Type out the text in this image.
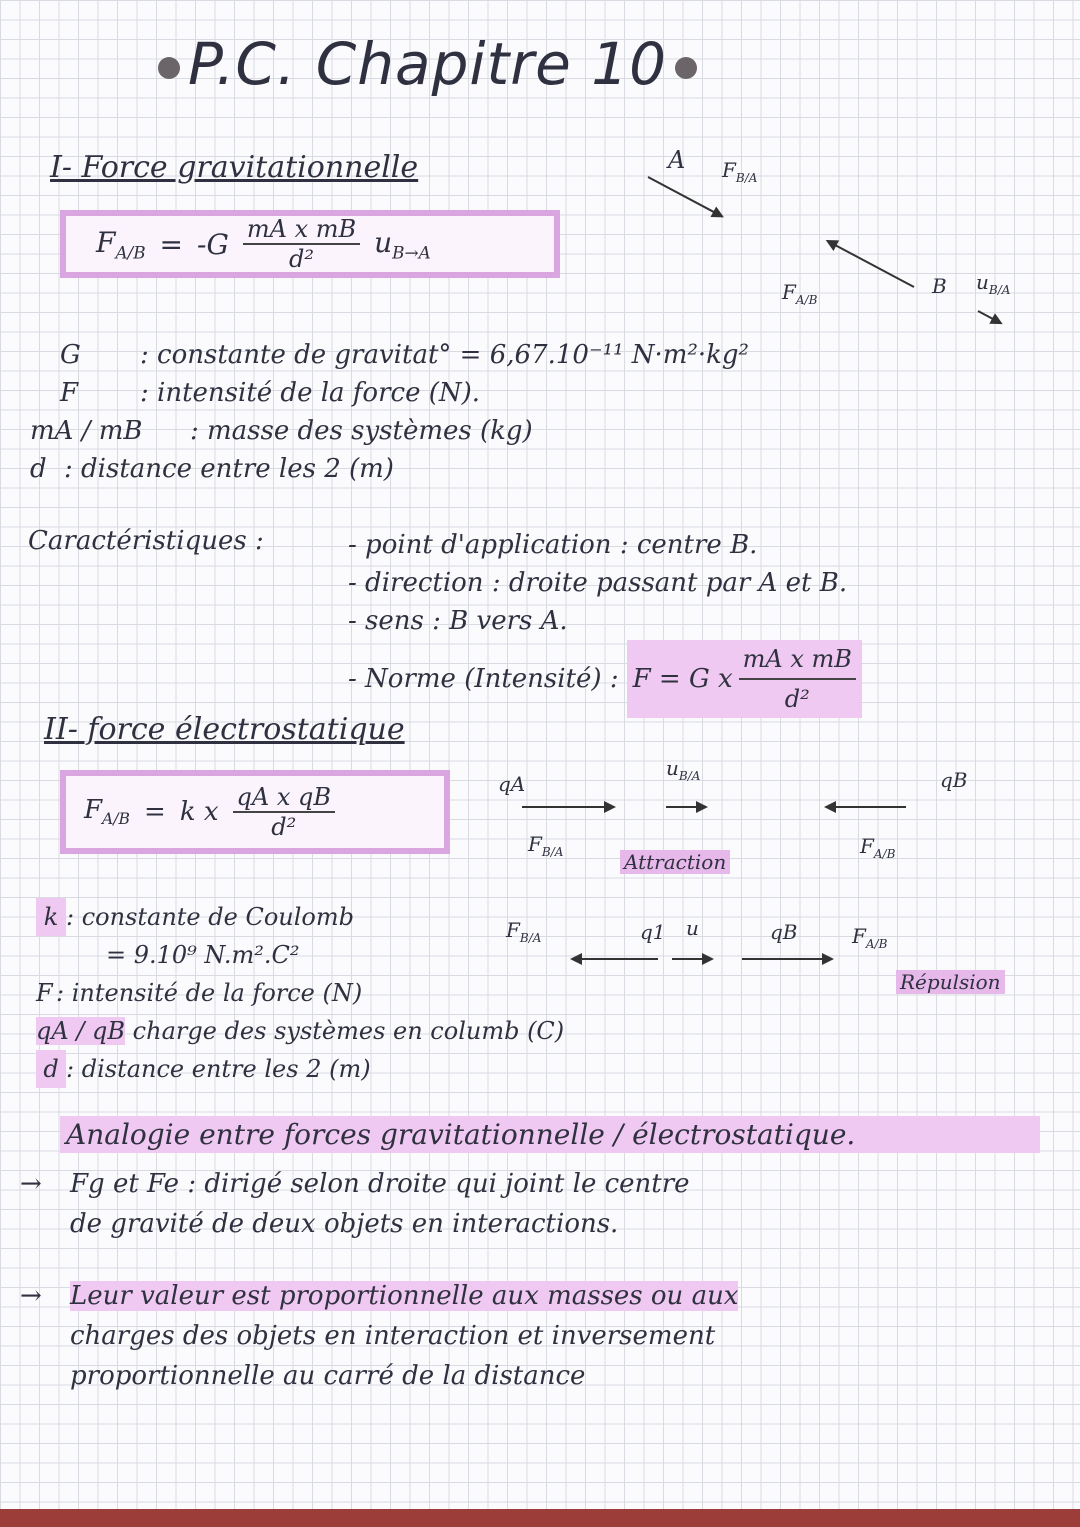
P.C. Chapitre 10
I- Force gravitationnelle
$F_{A/B} = -G \frac{\text{mA x mB}}{\text{d²}} u_{B\to A}$
A $F_{B/A}$
$F_{A/B}$
B $u_{B/A}$
G : constante de gravitat° = 6,67.10⁻¹¹ N·m²·kg²
F : intensité de la force (N).
mA / mB : masse des systèmes (kg)
d : distance entre les 2 (m)
Caractéristiques :	- point d'application : centre B.
- direction : droite passant par A et B.
- sens : B vers A.
- Norme (Intensité) : F = G x $\frac{\text{mA x mB}}{\text{d²}}$
II- force électrostatique
$F_{A/B} = k$ x $\frac{\text{qA x qB}}{\text{d²}}$	qA
$u_{B/A}$
$F_{B/A}$
qB
$F_{A/B}$
Attraction
$F_{B/A}$	q1 u	qB	$F_{A/B}$
Répulsion
k : constante de Coulomb
= 9.10⁹ N.m².C²
F : intensité de la force (N)
qA / qB charge des systèmes en columb (C)
d : distance entre les 2 (m)
Analogie entre forces gravitationnelle / électrostatique.
→ Fg et Fe : dirigé selon droite qui joint le centre
de gravité de deux objets en interactions.
→ Leur valeur est proportionnelle aux masses ou aux
charges des objets en interaction et inversement
proportionnelle au carré de la distance
